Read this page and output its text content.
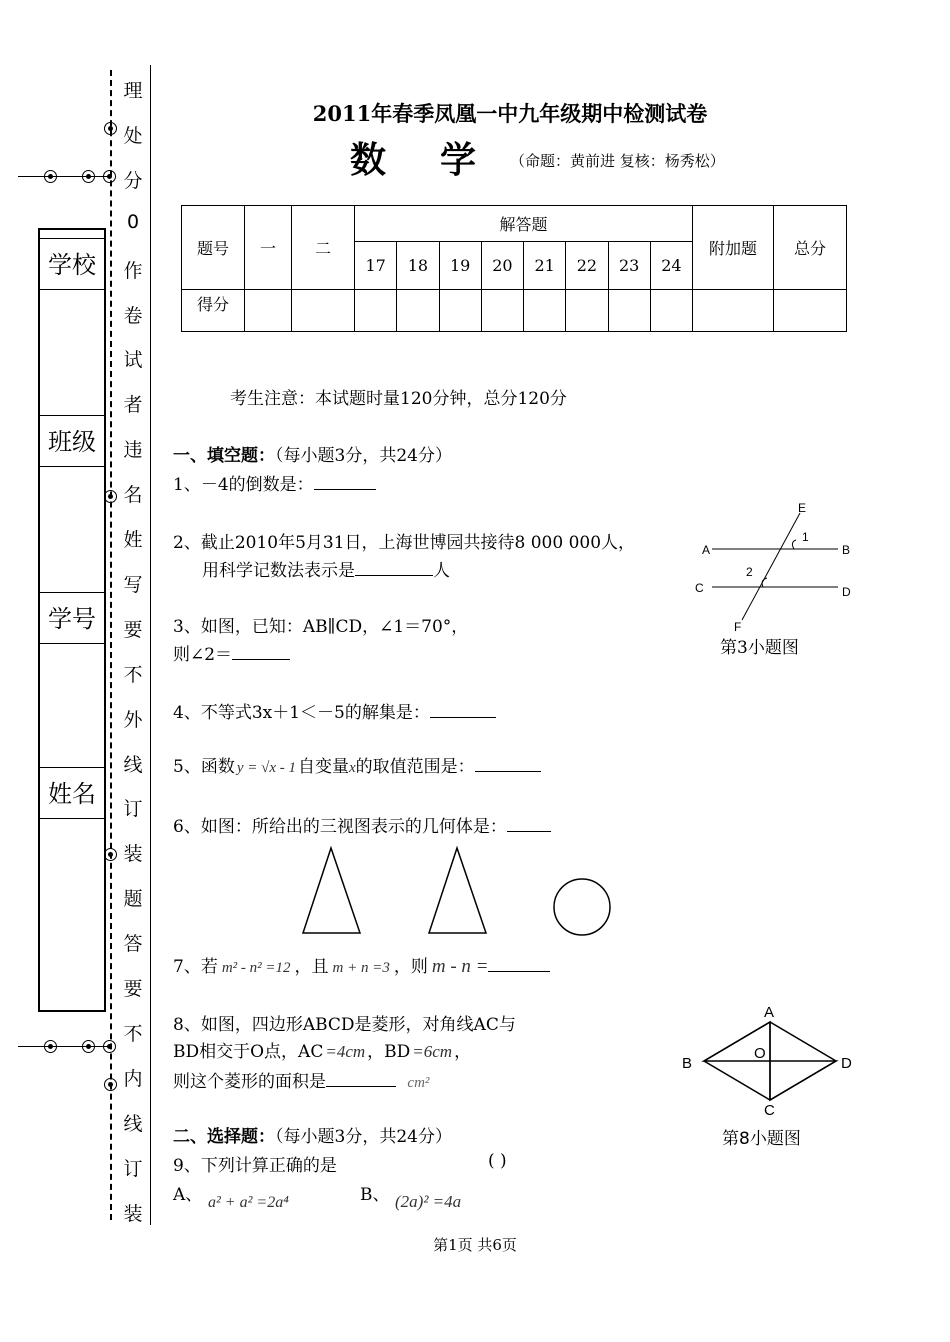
理
处
分
0
作
卷
试
者
违
名
姓
写
要
不
外
线
订
装
题
答
要
不
内
线
订
装
学校
班级
学号
姓名
2011年春季凤凰一中九年级期中检测试卷
数学
（命题：黄前进 复核：杨秀松）
题号	一	二	解答题								附加题	总分
			17	18	19	20	21	22	23	24		
得分												
考生注意：本试题时量120分钟，总分120分
一、填空题：（每小题3分，共24分）
1、－4的倒数是：
2、截止2010年5月31日，上海世博园共接待8 000 000人，
用科学记数法表示是	人
3、如图，已知：AB∥CD，∠1＝70°，
则∠2＝
4、不等式3x＋1＜－5的解集是：
5、函数 y = √x - 1 自变量x的取值范围是：
6、如图：所给出的三视图表示的几何体是：
7、若 m² - n² =12 ，且 m + n =3 ，则 m - n =
8、如图，四边形ABCD是菱形，对角线AC与
BD相交于O点，AC =4cm ，BD =6cm ，
则这个菱形的面积是	cm²
E
1
A	B
2
C	D
F
第3小题图
A
B
O
D
C
第8小题图
二、选择题：（每小题3分，共24分）
9、下列计算正确的是	( )
A、 a² + a² =2a⁴	B、 (2a)² =4a
第1页 共6页
